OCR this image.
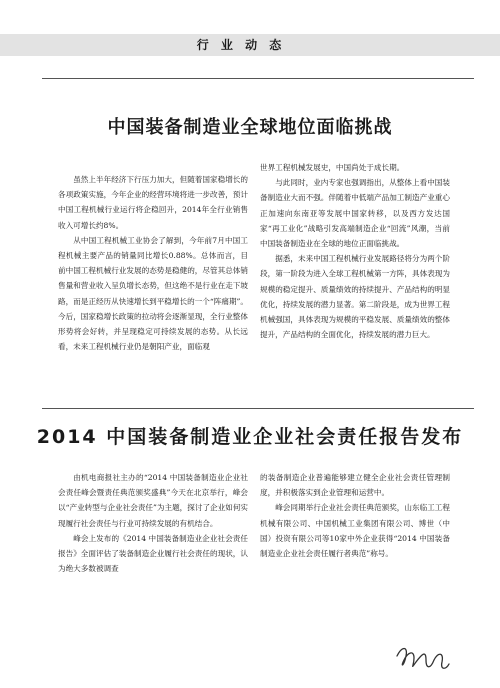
行 业 动 态
中国装备制造业全球地位面临挑战

虽然上半年经济下行压力加大，但随着国家稳增长的各项政策实施，今年企业的经营环境将进一步改善，预计中国工程机械行业运行将企稳回升，2014年全行业销售收入可增长约8%。

从中国工程机械工业协会了解到，今年前7月中国工程机械主要产品的销量同比增长0.88%。总体而言，目前中国工程机械行业发展的态势是稳健的，尽管其总体销售量和营业收入呈负增长态势，但这绝不是行业在走下坡路，而是正经历从快速增长到平稳增长的一个“阵痛期”。今后，国家稳增长政策的拉动将会逐渐显现，全行业整体形势将会好转，并呈现稳定可持续发展的态势。从长远看，未来工程机械行业仍是朝阳产业，面临观

世界工程机械发展史，中国尚处于成长期。

与此同时，业内专家也强调指出，从整体上看中国装备制造业大而不强。伴随着中低端产品加工制造产业重心正加速向东南亚等发展中国家转移，以及西方发达国家“再工业化”战略引发高端制造企业“回流”风潮，当前中国装备制造业在全球的地位正面临挑战。

据悉，未来中国工程机械行业发展路径将分为两个阶段，第一阶段为进入全球工程机械第一方阵，具体表现为规模的稳定提升、质量绩效的持续提升、产品结构的明显优化，持续发展的潜力显著。第二阶段是，成为世界工程机械强国，具体表现为规模的平稳发展、质量绩效的整体提升，产品结构的全面优化，持续发展的潜力巨大。

2014 中国装备制造业企业社会责任报告发布

由机电商报社主办的“2014 中国装备制造业企业社会责任峰会暨责任典范颁奖盛典”今天在北京举行，峰会以“产业转型与企业社会责任”为主题，探讨了企业如何实现履行社会责任与行业可持续发展的有机结合。

峰会上发布的《2014 中国装备制造业企业社会责任报告》全面评估了装备制造企业履行社会责任的现状，认为绝大多数被调查

的装备制造企业普遍能够建立健全企业社会责任管理制度，并积极落实到企业管理和运营中。

峰会同期举行企业社会责任典范颁奖，山东临工工程机械有限公司、中国机械工业集团有限公司、博世（中国）投资有限公司等10家中外企业获得“2014 中国装备制造业企业社会责任履行者典范”称号。
